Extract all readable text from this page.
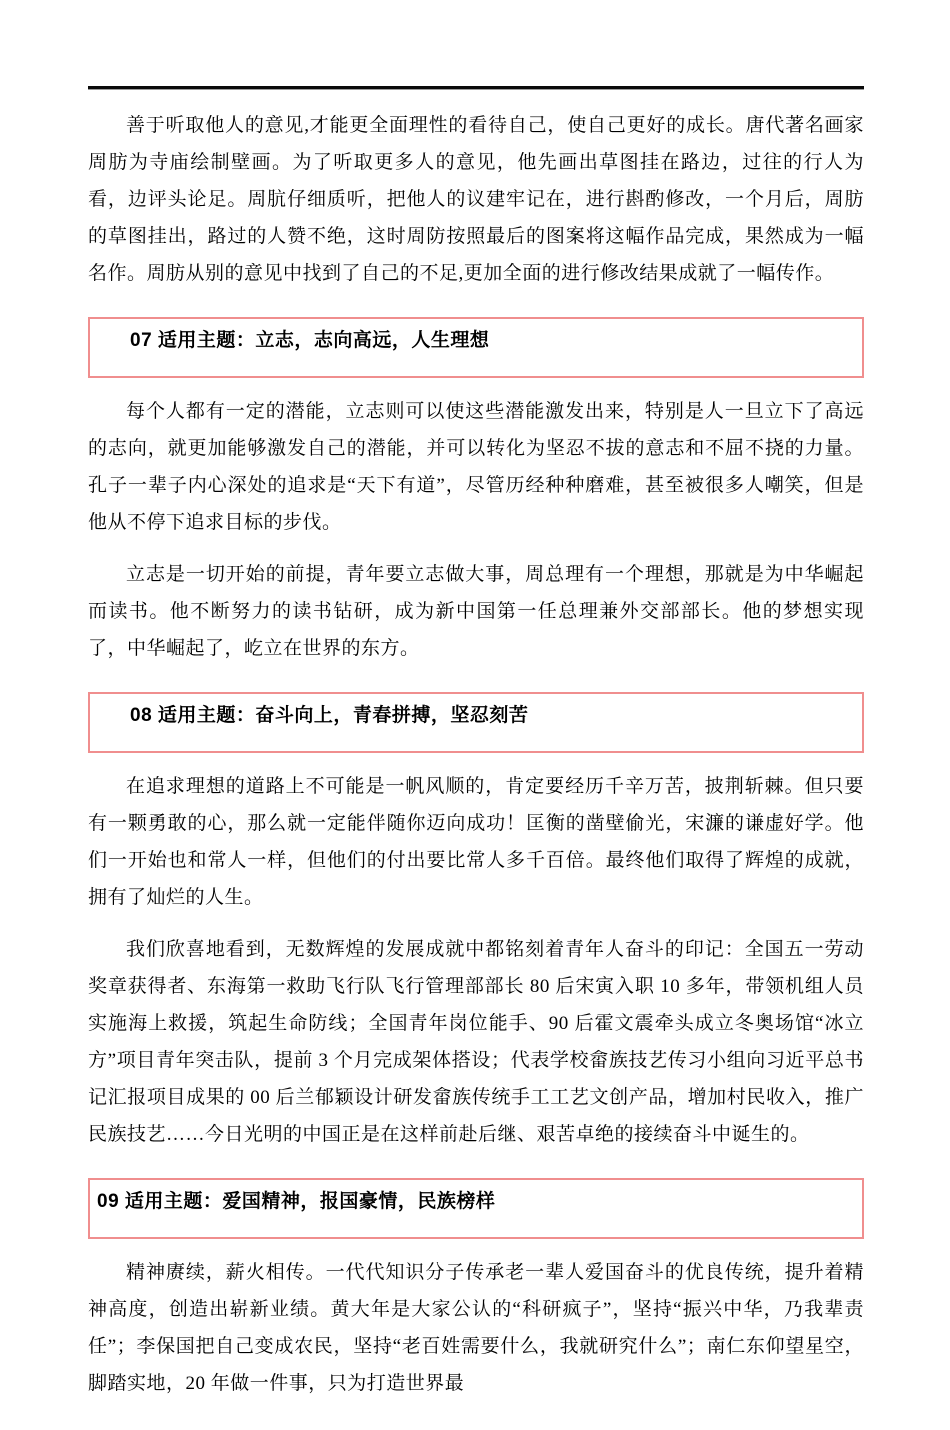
善于听取他人的意见,才能更全面理性的看待自己，使自己更好的成长。唐代著名画家周肪为寺庙绘制壁画。为了听取更多人的意见，他先画出草图挂在路边，过往的行人为看，边评头论足。周肮仔细质听，把他人的议建牢记在，进行斟酌修改，一个月后，周肪的草图挂出，路过的人赞不绝，这时周防按照最后的图案将这幅作品完成，果然成为一幅名作。周肪从别的意见中找到了自己的不足,更加全面的进行修改结果成就了一幅传作。

07 适用主题：立志，志向高远，人生理想

每个人都有一定的潜能，立志则可以使这些潜能激发出来，特别是人一旦立下了高远的志向，就更加能够激发自己的潜能，并可以转化为坚忍不拔的意志和不屈不挠的力量。孔子一辈子内心深处的追求是“天下有道”，尽管历经种种磨难，甚至被很多人嘲笑，但是他从不停下追求目标的步伐。

立志是一切开始的前提，青年要立志做大事，周总理有一个理想，那就是为中华崛起而读书。他不断努力的读书钻研，成为新中国第一任总理兼外交部部长。他的梦想实现了，中华崛起了，屹立在世界的东方。

08 适用主题：奋斗向上，青春拼搏，坚忍刻苦

在追求理想的道路上不可能是一帆风顺的，肯定要经历千辛万苦，披荆斩棘。但只要有一颗勇敢的心，那么就一定能伴随你迈向成功！匡衡的凿壁偷光，宋濂的谦虚好学。他们一开始也和常人一样，但他们的付出要比常人多千百倍。最终他们取得了辉煌的成就，拥有了灿烂的人生。

我们欣喜地看到，无数辉煌的发展成就中都铭刻着青年人奋斗的印记：全国五一劳动奖章获得者、东海第一救助飞行队飞行管理部部长 80 后宋寅入职 10 多年，带领机组人员实施海上救援，筑起生命防线；全国青年岗位能手、90 后霍文震牵头成立冬奥场馆“冰立方”项目青年突击队，提前 3 个月完成架体搭设；代表学校畲族技艺传习小组向习近平总书记汇报项目成果的 00 后兰郁颖设计研发畲族传统手工工艺文创产品，增加村民收入，推广民族技艺……今日光明的中国正是在这样前赴后继、艰苦卓绝的接续奋斗中诞生的。

09 适用主题：爱国精神，报国豪情，民族榜样

精神赓续，薪火相传。一代代知识分子传承老一辈人爱国奋斗的优良传统，提升着精神高度，创造出崭新业绩。黄大年是大家公认的“科研疯子”，坚持“振兴中华，乃我辈责任”；李保国把自己变成农民，坚持“老百姓需要什么，我就研究什么”；南仁东仰望星空，脚踏实地，20 年做一件事，只为打造世界最
